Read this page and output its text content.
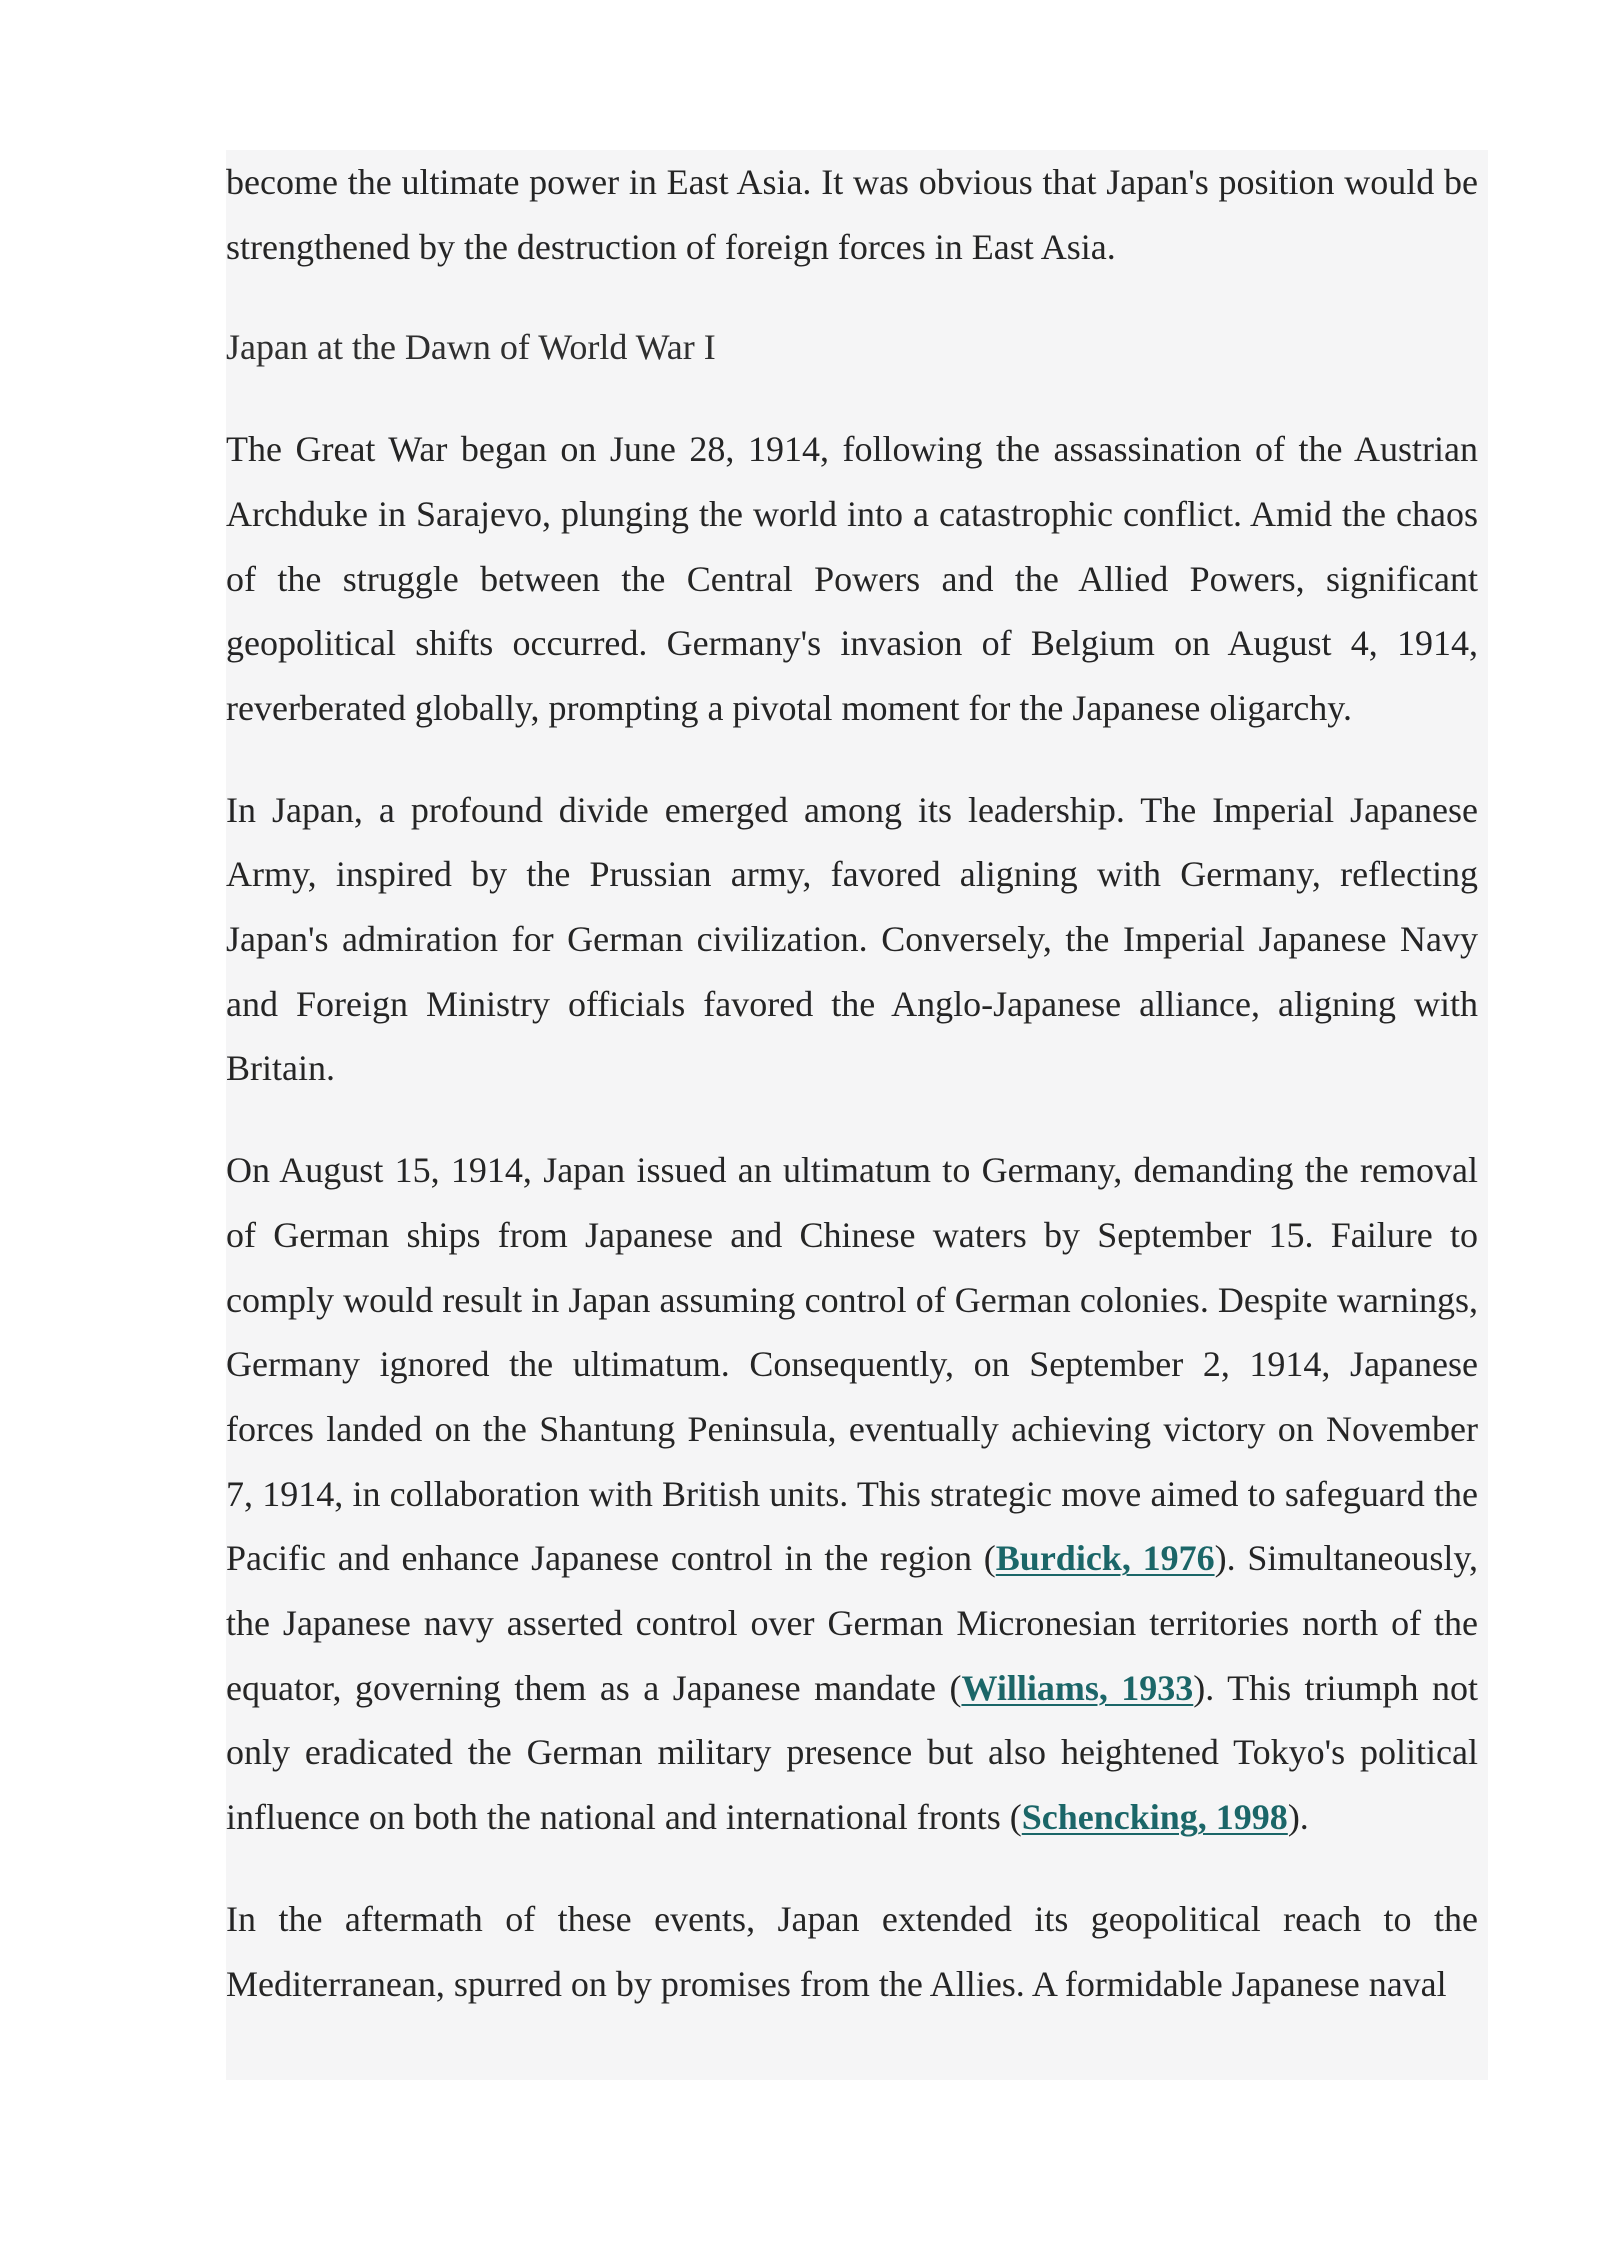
become the ultimate power in East Asia. It was obvious that Japan's position would be strengthened by the destruction of foreign forces in East Asia.

Japan at the Dawn of World War I

The Great War began on June 28, 1914, following the assassination of the Austrian Archduke in Sarajevo, plunging the world into a catastrophic conflict. Amid the chaos of the struggle between the Central Powers and the Allied Powers, significant geopolitical shifts occurred. Germany's invasion of Belgium on August 4, 1914, reverberated globally, prompting a pivotal moment for the Japanese oligarchy.

In Japan, a profound divide emerged among its leadership. The Imperial Japanese Army, inspired by the Prussian army, favored aligning with Germany, reflecting Japan's admiration for German civilization. Conversely, the Imperial Japanese Navy and Foreign Ministry officials favored the Anglo-Japanese alliance, aligning with Britain.

On August 15, 1914, Japan issued an ultimatum to Germany, demanding the removal of German ships from Japanese and Chinese waters by September 15. Failure to comply would result in Japan assuming control of German colonies. Despite warnings, Germany ignored the ultimatum. Consequently, on September 2, 1914, Japanese forces landed on the Shantung Peninsula, eventually achieving victory on November 7, 1914, in collaboration with British units. This strategic move aimed to safeguard the Pacific and enhance Japanese control in the region (Burdick, 1976). Simultaneously, the Japanese navy asserted control over German Micronesian territories north of the equator, governing them as a Japanese mandate (Williams, 1933). This triumph not only eradicated the German military presence but also heightened Tokyo's political influence on both the national and international fronts (Schencking, 1998).

In the aftermath of these events, Japan extended its geopolitical reach to the Mediterranean, spurred on by promises from the Allies. A formidable Japanese naval
